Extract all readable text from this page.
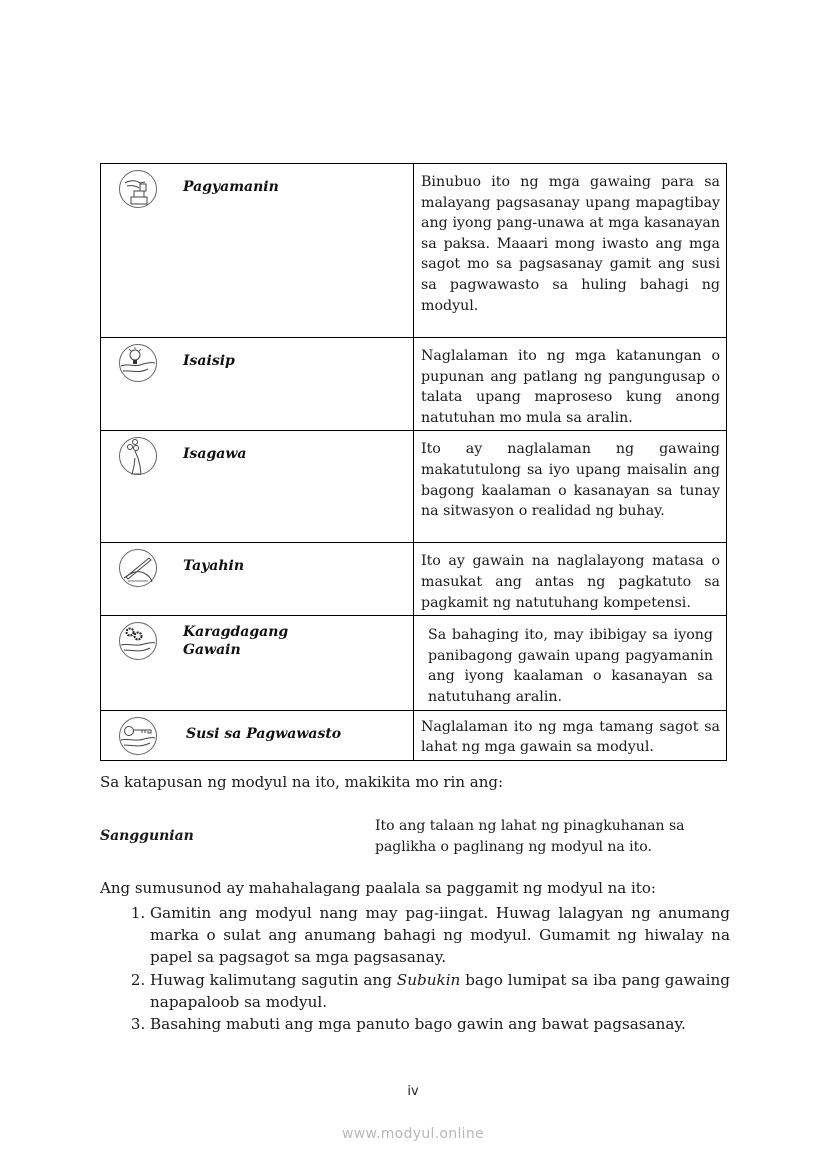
Pagyamanin	Binubuo ito ng mga gawaing para sa malayang pagsasanay upang mapagtibay ang iyong pang-unawa at mga kasanayan sa paksa. Maaari mong iwasto ang mga sagot mo sa pagsasanay gamit ang susi sa pagwawasto sa huling bahagi ng modyul.

Isaisip	Naglalaman ito ng mga katanungan o pupunan ang patlang ng pangungusap o talata upang maproseso kung anong natutuhan mo mula sa aralin.

Isagawa	Ito ay naglalaman ng gawaing makatutulong sa iyo upang maisalin ang bagong kaalaman o kasanayan sa tunay na sitwasyon o realidad ng buhay.

Tayahin	Ito ay gawain na naglalayong matasa o masukat ang antas ng pagkatuto sa pagkamit ng natutuhang kompetensi.

Karagdagang
Gawain	Sa bahaging ito, may ibibigay sa iyong panibagong gawain upang pagyamanin ang iyong kaalaman o kasanayan sa natutuhang aralin.

Susi sa Pagwawasto	Naglalaman ito ng mga tamang sagot sa lahat ng mga gawain sa modyul.
Sa katapusan ng modyul na ito, makikita mo rin ang:
Sanggunian
Ito ang talaan ng lahat ng pinagkuhanan sa
paglikha o paglinang ng modyul na ito.
Ang sumusunod ay mahahalagang paalala sa paggamit ng modyul na ito:
1. Gamitin ang modyul nang may pag-iingat. Huwag lalagyan ng anumang marka o sulat ang anumang bahagi ng modyul. Gumamit ng hiwalay na papel sa pagsagot sa mga pagsasanay.
2. Huwag kalimutang sagutin ang Subukin bago lumipat sa iba pang gawaing napapaloob sa modyul.
3. Basahing mabuti ang mga panuto bago gawin ang bawat pagsasanay.
iv
www.modyul.online
